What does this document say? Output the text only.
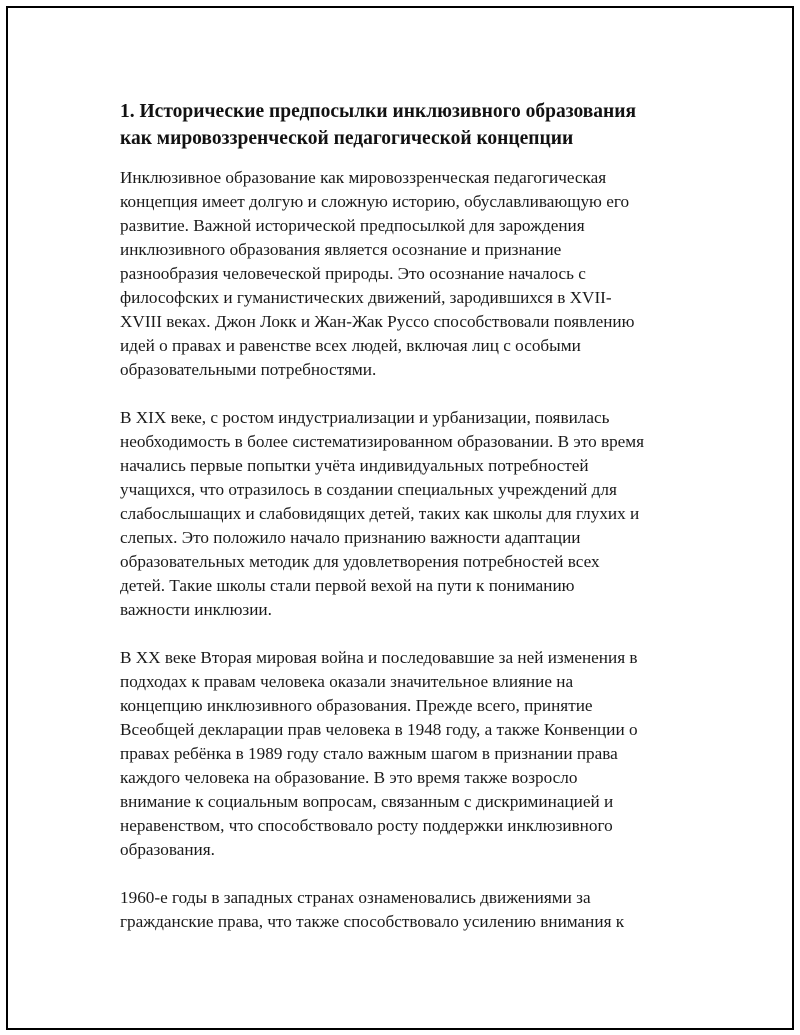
1. Исторические предпосылки инклюзивного образования
как мировоззренческой педагогической концепции

Инклюзивное образование как мировоззренческая педагогическая
концепция имеет долгую и сложную историю, обуславливающую его
развитие. Важной исторической предпосылкой для зарождения
инклюзивного образования является осознание и признание
разнообразия человеческой природы. Это осознание началось с
философских и гуманистических движений, зародившихся в XVII-
XVIII веках. Джон Локк и Жан-Жак Руссо способствовали появлению
идей о правах и равенстве всех людей, включая лиц с особыми
образовательными потребностями.

В XIX веке, с ростом индустриализации и урбанизации, появилась
необходимость в более систематизированном образовании. В это время
начались первые попытки учёта индивидуальных потребностей
учащихся, что отразилось в создании специальных учреждений для
слабослышащих и слабовидящих детей, таких как школы для глухих и
слепых. Это положило начало признанию важности адаптации
образовательных методик для удовлетворения потребностей всех
детей. Такие школы стали первой вехой на пути к пониманию
важности инклюзии.

В XX веке Вторая мировая война и последовавшие за ней изменения в
подходах к правам человека оказали значительное влияние на
концепцию инклюзивного образования. Прежде всего, принятие
Всеобщей декларации прав человека в 1948 году, а также Конвенции о
правах ребёнка в 1989 году стало важным шагом в признании права
каждого человека на образование. В это время также возросло
внимание к социальным вопросам, связанным с дискриминацией и
неравенством, что способствовало росту поддержки инклюзивного
образования.

1960-е годы в западных странах ознаменовались движениями за
гражданские права, что также способствовало усилению внимания к
